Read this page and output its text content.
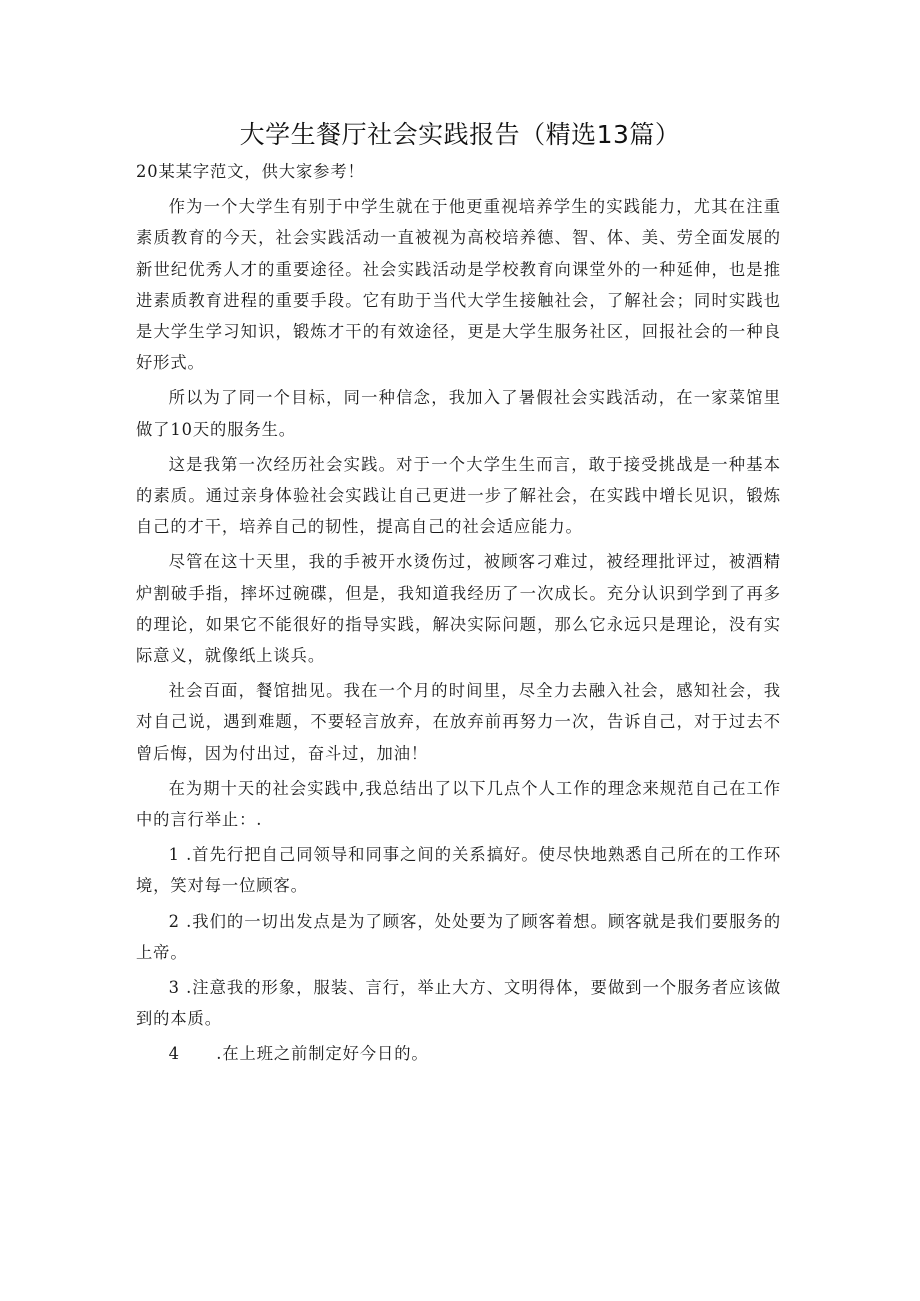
大学生餐厅社会实践报告（精选13篇）

20某某字范文，供大家参考！

作为一个大学生有别于中学生就在于他更重视培养学生的实践能力，尤其在注重素质教育的今天，社会实践活动一直被视为高校培养德、智、体、美、劳全面发展的新世纪优秀人才的重要途径。社会实践活动是学校教育向课堂外的一种延伸，也是推进素质教育进程的重要手段。它有助于当代大学生接触社会，了解社会；同时实践也是大学生学习知识，锻炼才干的有效途径，更是大学生服务社区，回报社会的一种良好形式。

所以为了同一个目标，同一种信念，我加入了暑假社会实践活动，在一家菜馆里做了10天的服务生。

这是我第一次经历社会实践。对于一个大学生生而言，敢于接受挑战是一种基本的素质。通过亲身体验社会实践让自己更进一步了解社会，在实践中增长见识，锻炼自己的才干，培养自己的韧性，提高自己的社会适应能力。

尽管在这十天里，我的手被开水烫伤过，被顾客刁难过，被经理批评过，被酒精炉割破手指，摔坏过碗碟，但是，我知道我经历了一次成长。充分认识到学到了再多的理论，如果它不能很好的指导实践，解决实际问题，那么它永远只是理论，没有实际意义，就像纸上谈兵。

社会百面，餐馆拙见。我在一个月的时间里，尽全力去融入社会，感知社会，我对自己说，遇到难题，不要轻言放弃，在放弃前再努力一次，告诉自己，对于过去不曾后悔，因为付出过，奋斗过，加油！

在为期十天的社会实践中,我总结出了以下几点个人工作的理念来规范自己在工作中的言行举止：.

1 .首先行把自己同领导和同事之间的关系搞好。使尽快地熟悉自己所在的工作环境，笑对每一位顾客。

2 .我们的一切出发点是为了顾客，处处要为了顾客着想。顾客就是我们要服务的上帝。

3 .注意我的形象，服装、言行，举止大方、文明得体，要做到一个服务者应该做到的本质。

4      .在上班之前制定好今日的。
